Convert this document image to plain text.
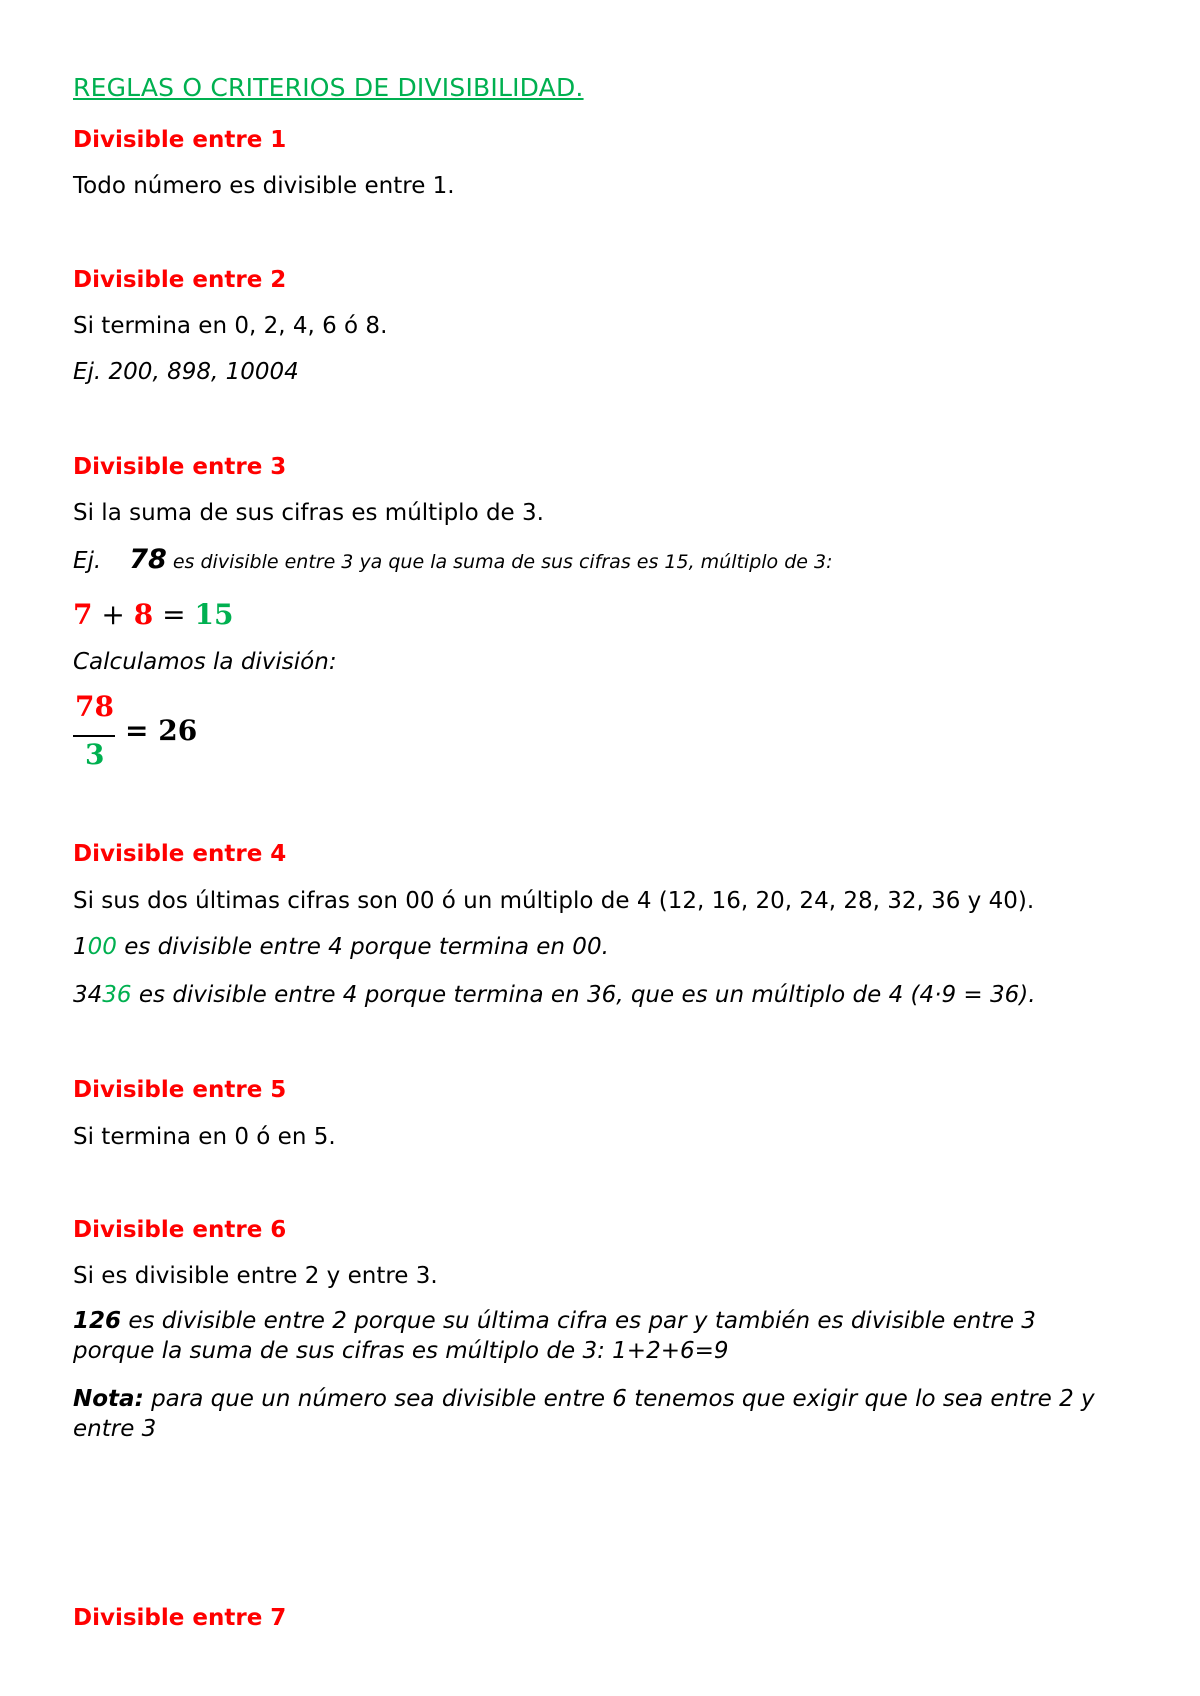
REGLAS O CRITERIOS DE DIVISIBILIDAD.
Divisible entre 1
Todo número es divisible entre 1.
Divisible entre 2
Si termina en 0, 2, 4, 6 ó 8.
Ej. 200, 898, 10004
Divisible entre 3
Si la suma de sus cifras es múltiplo de 3.
Ej. 78 es divisible entre 3 ya que la suma de sus cifras es 15, múltiplo de 3:
7 + 8 = 15
Calculamos la división:
78
3
= 26
Divisible entre 4
Si sus dos últimas cifras son 00 ó un múltiplo de 4 (12, 16, 20, 24, 28, 32, 36 y 40).
100 es divisible entre 4 porque termina en 00.
3436 es divisible entre 4 porque termina en 36, que es un múltiplo de 4 (4·9 = 36).
Divisible entre 5
Si termina en 0 ó en 5.
Divisible entre 6
Si es divisible entre 2 y entre 3.
126 es divisible entre 2 porque su última cifra es par y también es divisible entre 3 porque la suma de sus cifras es múltiplo de 3: 1+2+6=9
Nota: para que un número sea divisible entre 6 tenemos que exigir que lo sea entre 2 y entre 3
Divisible entre 7
